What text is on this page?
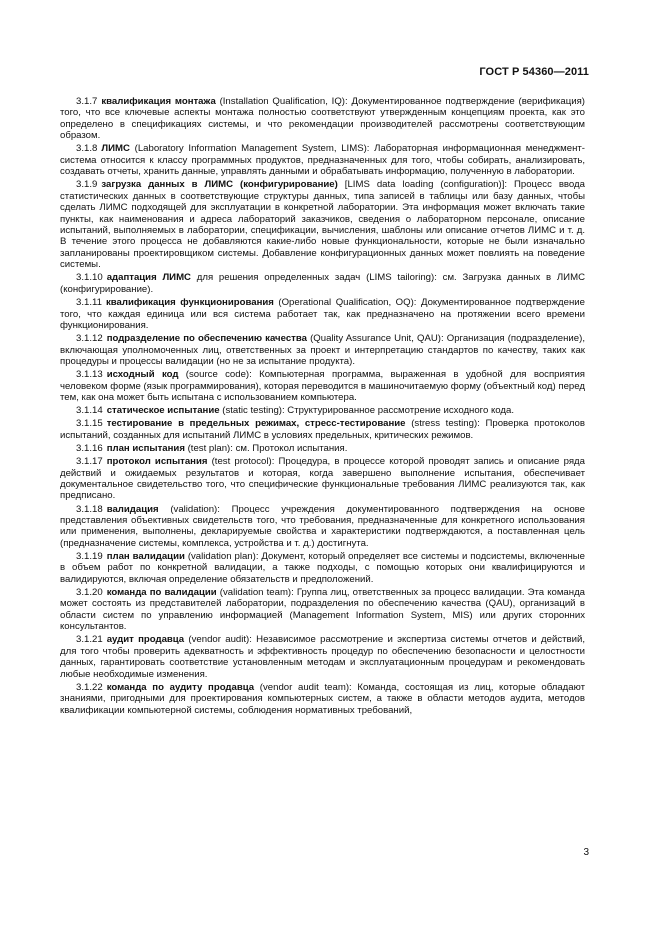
ГОСТ Р 54360—2011

3.1.7 квалификация монтажа (Installation Qualification, IQ): Документированное подтверждение (верификация) того, что все ключевые аспекты монтажа полностью соответствуют утвержденным концепциям проекта, как это определено в спецификациях системы, и что рекомендации производителей рассмотрены соответствующим образом.

3.1.8 ЛИМС (Laboratory Information Management System, LIMS): Лабораторная информационная менеджмент-система относится к классу программных продуктов, предназначенных для того, чтобы собирать, анализировать, создавать отчеты, хранить данные, управлять данными и обрабатывать информацию, полученную в лаборатории.

3.1.9 загрузка данных в ЛИМС (конфигурирование) [LIMS data loading (configuration)]: Процесс ввода статистических данных в соответствующие структуры данных, типа записей в таблицы или базу данных, чтобы сделать ЛИМС подходящей для эксплуатации в конкретной лаборатории. Эта информация может включать такие пункты, как наименования и адреса лабораторий заказчиков, сведения о лабораторном персонале, описание испытаний, выполняемых в лаборатории, спецификации, вычисления, шаблоны или описание отчетов ЛИМС и т. д. В течение этого процесса не добавляются какие-либо новые функциональности, которые не были изначально запланированы проектировщиком системы. Добавление конфигурационных данных может повлиять на поведение системы.

3.1.10 адаптация ЛИМС для решения определенных задач (LIMS tailoring): см. Загрузка данных в ЛИМС (конфигурирование).

3.1.11 квалификация функционирования (Operational Qualification, OQ): Документированное подтверждение того, что каждая единица или вся система работает так, как предназначено на протяжении всего времени функционирования.

3.1.12 подразделение по обеспечению качества (Quality Assurance Unit, QAU): Организация (подразделение), включающая уполномоченных лиц, ответственных за проект и интерпретацию стандартов по качеству, таких как процедуры и процессы валидации (но не за испытание продукта).

3.1.13 исходный код (source code): Компьютерная программа, выраженная в удобной для восприятия человеком форме (язык программирования), которая переводится в машиночитаемую форму (объектный код) перед тем, как она может быть испытана с использованием компьютера.

3.1.14 статическое испытание (static testing): Структурированное рассмотрение исходного кода.

3.1.15 тестирование в предельных режимах, стресс-тестирование (stress testing): Проверка протоколов испытаний, созданных для испытаний ЛИМС в условиях предельных, критических режимов.

3.1.16 план испытания (test plan): см. Протокол испытания.

3.1.17 протокол испытания (test protocol): Процедура, в процессе которой проводят запись и описание ряда действий и ожидаемых результатов и которая, когда завершено выполнение испытания, обеспечивает документальное свидетельство того, что специфические функциональные требования ЛИМС реализуются так, как предписано.

3.1.18 валидация (validation): Процесс учреждения документированного подтверждения на основе представления объективных свидетельств того, что требования, предназначенные для конкретного использования или применения, выполнены, декларируемые свойства и характеристики подтверждаются, а поставленная цель (предназначение системы, комплекса, устройства и т. д.) достигнута.

3.1.19 план валидации (validation plan): Документ, который определяет все системы и подсистемы, включенные в объем работ по конкретной валидации, а также подходы, с помощью которых они квалифицируются и валидируются, включая определение обязательств и предположений.

3.1.20 команда по валидации (validation team): Группа лиц, ответственных за процесс валидации. Эта команда может состоять из представителей лаборатории, подразделения по обеспечению качества (QAU), организаций в области систем по управлению информацией (Management Information System, MIS) или других сторонних консультантов.

3.1.21 аудит продавца (vendor audit): Независимое рассмотрение и экспертиза системы отчетов и действий, для того чтобы проверить адекватность и эффективность процедур по обеспечению безопасности и целостности данных, гарантировать соответствие установленным методам и эксплуатационным процедурам и рекомендовать любые необходимые изменения.

3.1.22 команда по аудиту продавца (vendor audit team): Команда, состоящая из лиц, которые обладают знаниями, пригодными для проектирования компьютерных систем, а также в области методов аудита, методов квалификации компьютерной системы, соблюдения нормативных требований,

3
